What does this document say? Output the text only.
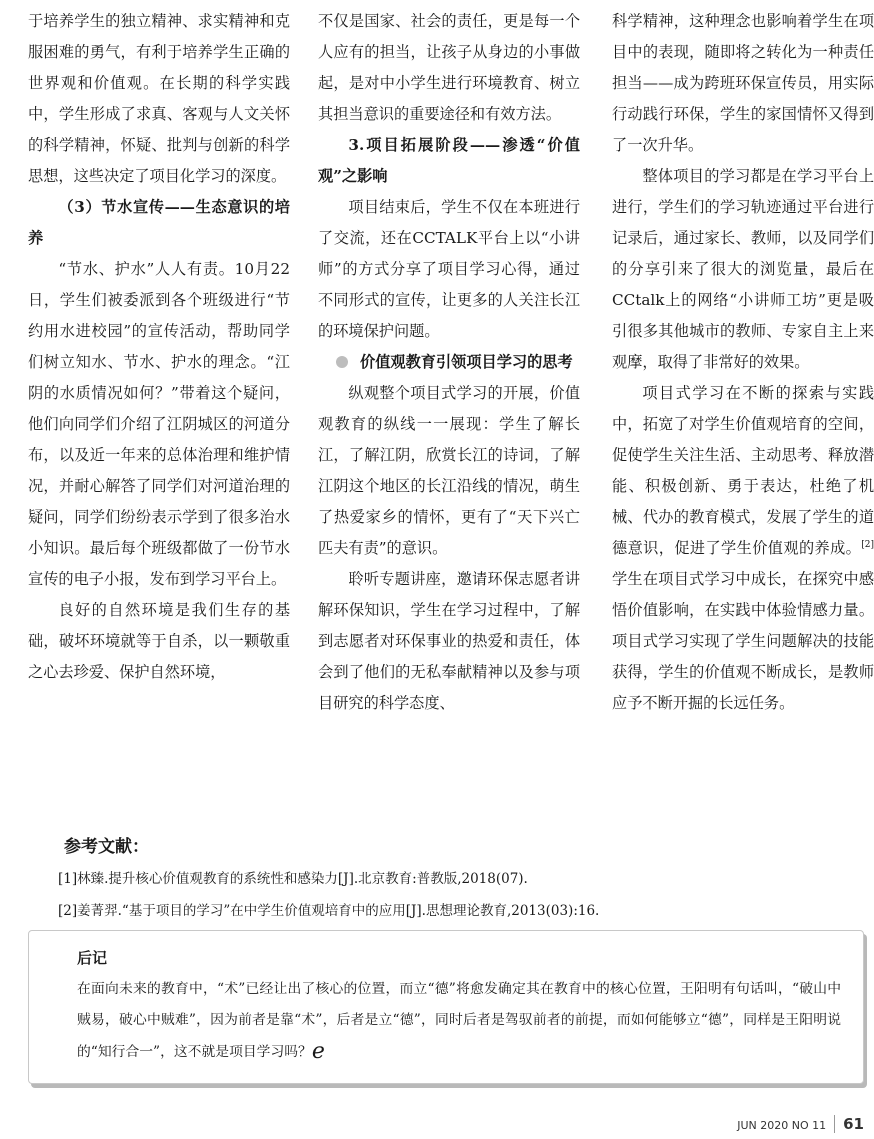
于培养学生的独立精神、求实精神和克服困难的勇气，有利于培养学生正确的世界观和价值观。在长期的科学实践中，学生形成了求真、客观与人文关怀的科学精神，怀疑、批判与创新的科学思想，这些决定了项目化学习的深度。

（3）节水宣传——生态意识的培养

“节水、护水”人人有责。10月22日，学生们被委派到各个班级进行“节约用水进校园”的宣传活动，帮助同学们树立知水、节水、护水的理念。“江阴的水质情况如何？”带着这个疑问，他们向同学们介绍了江阴城区的河道分布，以及近一年来的总体治理和维护情况，并耐心解答了同学们对河道治理的疑问，同学们纷纷表示学到了很多治水小知识。最后每个班级都做了一份节水宣传的电子小报，发布到学习平台上。

良好的自然环境是我们生存的基础，破坏环境就等于自杀，以一颗敬重之心去珍爱、保护自然环境，

不仅是国家、社会的责任，更是每一个人应有的担当，让孩子从身边的小事做起，是对中小学生进行环境教育、树立其担当意识的重要途径和有效方法。

3.项目拓展阶段——渗透“价值观”之影响

项目结束后，学生不仅在本班进行了交流，还在CCTALK平台上以“小讲师”的方式分享了项目学习心得，通过不同形式的宣传，让更多的人关注长江的环境保护问题。

价值观教育引领项目学习的思考

纵观整个项目式学习的开展，价值观教育的纵线一一展现：学生了解长江，了解江阴，欣赏长江的诗词，了解江阴这个地区的长江沿线的情况，萌生了热爱家乡的情怀，更有了“天下兴亡匹夫有责”的意识。

聆听专题讲座，邀请环保志愿者讲解环保知识，学生在学习过程中，了解到志愿者对环保事业的热爱和责任，体会到了他们的无私奉献精神以及参与项目研究的科学态度、

科学精神，这种理念也影响着学生在项目中的表现，随即将之转化为一种责任担当——成为跨班环保宣传员，用实际行动践行环保，学生的家国情怀又得到了一次升华。

整体项目的学习都是在学习平台上进行，学生们的学习轨迹通过平台进行记录后，通过家长、教师，以及同学们的分享引来了很大的浏览量，最后在CCtalk上的网络“小讲师工坊”更是吸引很多其他城市的教师、专家自主上来观摩，取得了非常好的效果。

项目式学习在不断的探索与实践中，拓宽了对学生价值观培育的空间，促使学生关注生活、主动思考、释放潜能、积极创新、勇于表达，杜绝了机械、代办的教育模式，发展了学生的道德意识，促进了学生价值观的养成。[2]学生在项目式学习中成长，在探究中感悟价值影响，在实践中体验情感力量。项目式学习实现了学生问题解决的技能获得，学生的价值观不断成长，是教师应予不断开掘的长远任务。

参考文献：

[1]林臻.提升核心价值观教育的系统性和感染力[J].北京教育:普教版,2018(07).

[2]姜菁羿.“基于项目的学习”在中学生价值观培育中的应用[J].思想理论教育,2013(03):16.

后记

在面向未来的教育中，“术”已经让出了核心的位置，而立“德”将愈发确定其在教育中的核心位置，王阳明有句话叫，“破山中贼易，破心中贼难”，因为前者是靠“术”，后者是立“德”，同时后者是驾驭前者的前提，而如何能够立“德”，同样是王阳明说的“知行合一”，这不就是项目学习吗？e

JUN 2020 NO 11 61
